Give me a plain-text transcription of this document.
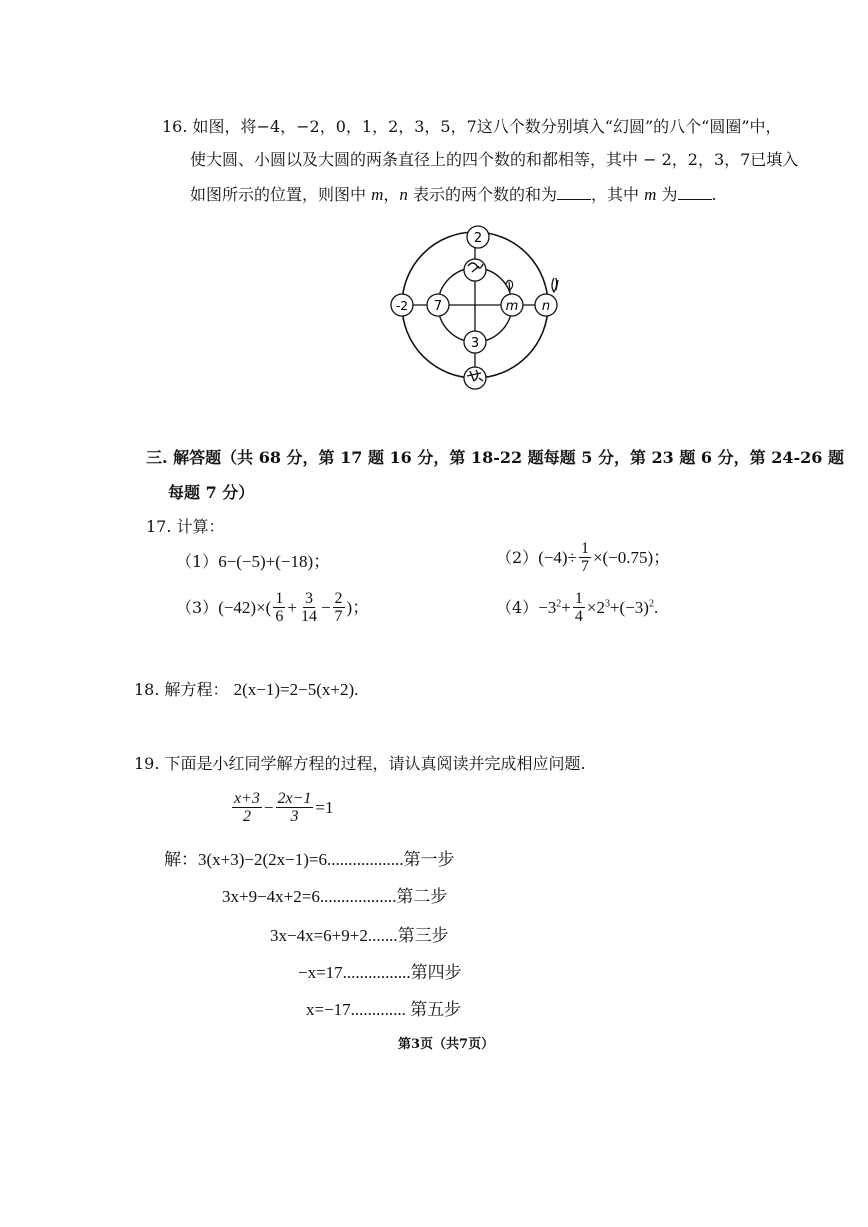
16. 如图，将−4，−2，0，1，2，3，5，7这八个数分别填入“幻圆”的八个“圆圈”中，
使大圆、小圆以及大圆的两条直径上的四个数的和都相等，其中 − 2，2，3，7已填入
如图所示的位置，则图中 m，n 表示的两个数的和为 ，其中 m 为 .
2
-2 7	m n
3
三. 解答题（共 68 分，第 17 题 16 分，第 18-22 题每题 5 分，第 23 题 6 分，第 24-26 题
每题 7 分）
17. 计算：
（1） 6−(−5)+(−18)；	（2） $(-4)\div \frac{1}{7} \times(-0.75)$；
（3） $(-42)\times( \frac{1}{6} + \frac{3}{14} - \frac{2}{7}$ )；	$(4) -3^2 + \frac{1}{4} \times 2^3+(-3)^2$.
18. 解方程： 2(x−1)=2−5(x+2).
19. 下面是小红同学解方程的过程，请认真阅读并完成相应问题.
$\frac{x+3}{2} - \frac{2x-1}{3} =1$
解：3(x+3)−2(2x−1)=6..................第一步
3x+9−4x+2=6..................第二步
3x−4x=6+9+2.......第三步
−x=17................第四步
x=−17............. 第五步
第3页（共7页）
